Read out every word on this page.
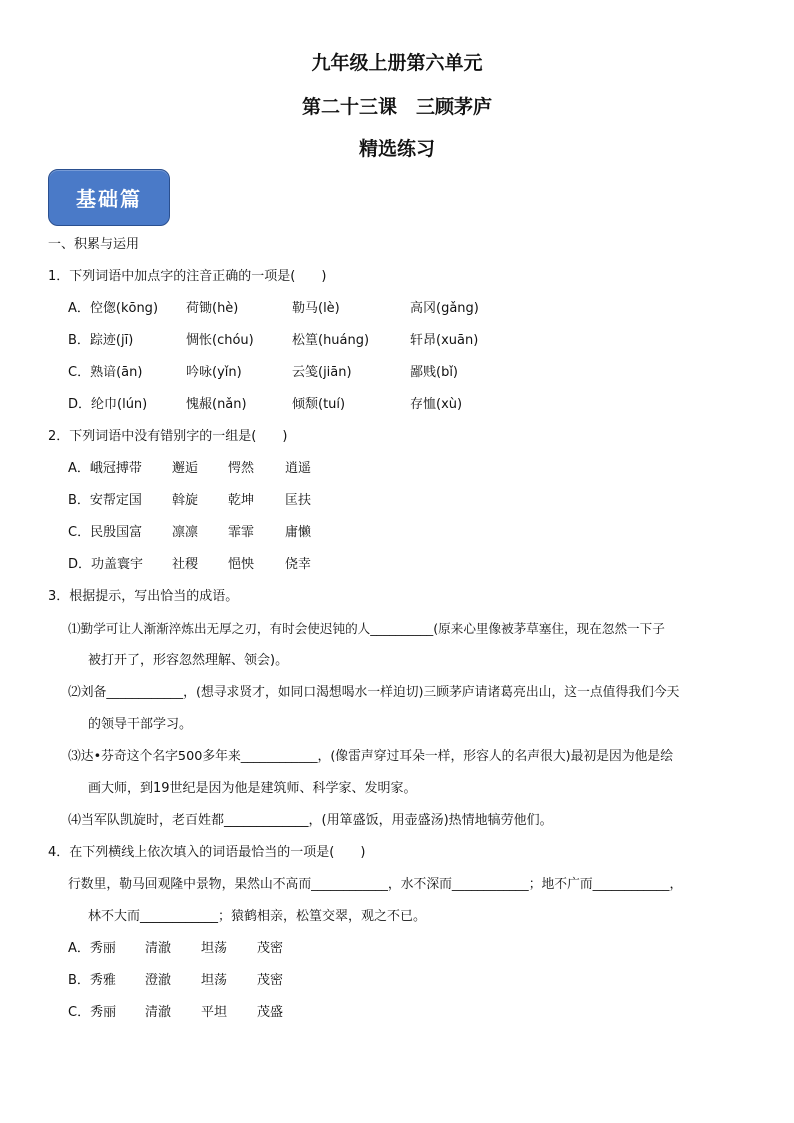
九年级上册第六单元
第二十三课　三顾茅庐
精选练习
基础篇
一、积累与运用
1．下列词语中加点字的注音正确的一项是(　　)
A．倥偬(kōng) 荷锄(hè)	勒马(lè)	高冈(gǎng)
B．踪迹(jī)	惆怅(chóu)	松篁(huáng)	轩昂(xuān)
C．熟谙(ān)	吟咏(yǐn)	云笺(jiān)	鄙贱(bǐ)
D．纶巾(lún)	愧赧(nǎn)	倾颓(tuí)	存恤(xù)
2．下列词语中没有错别字的一组是(　　)
A．峨冠搏带 邂逅 愕然 逍遥
B．安帮定国 斡旋 乾坤 匡扶
C．民殷国富 凛凛 霏霏 庸懒
D．功盖寰宇 社稷 悒怏 侥幸
3．根据提示，写出恰当的成语。
⑴勤学可让人渐渐淬炼出无厚之刃，有时会使迟钝的人__________(原来心里像被茅草塞住，现在忽然一下子
被打开了，形容忽然理解、领会)。
⑵刘备____________，(想寻求贤才，如同口渴想喝水一样迫切)三顾茅庐请诸葛亮出山，这一点值得我们今天
的领导干部学习。
⑶达•芬奇这个名字500多年来____________，(像雷声穿过耳朵一样，形容人的名声很大)最初是因为他是绘
画大师，到19世纪是因为他是建筑师、科学家、发明家。
⑷当军队凯旋时，老百姓都_____________，(用箪盛饭，用壶盛汤)热情地犒劳他们。
4．在下列横线上依次填入的词语最恰当的一项是(　　)
行数里，勒马回观隆中景物，果然山不高而____________，水不深而____________；地不广而____________，
林不大而____________；猿鹤相亲，松篁交翠，观之不已。
A．秀丽 清澈 坦荡 茂密
B．秀雅 澄澈 坦荡 茂密
C．秀丽 清澈 平坦 茂盛
